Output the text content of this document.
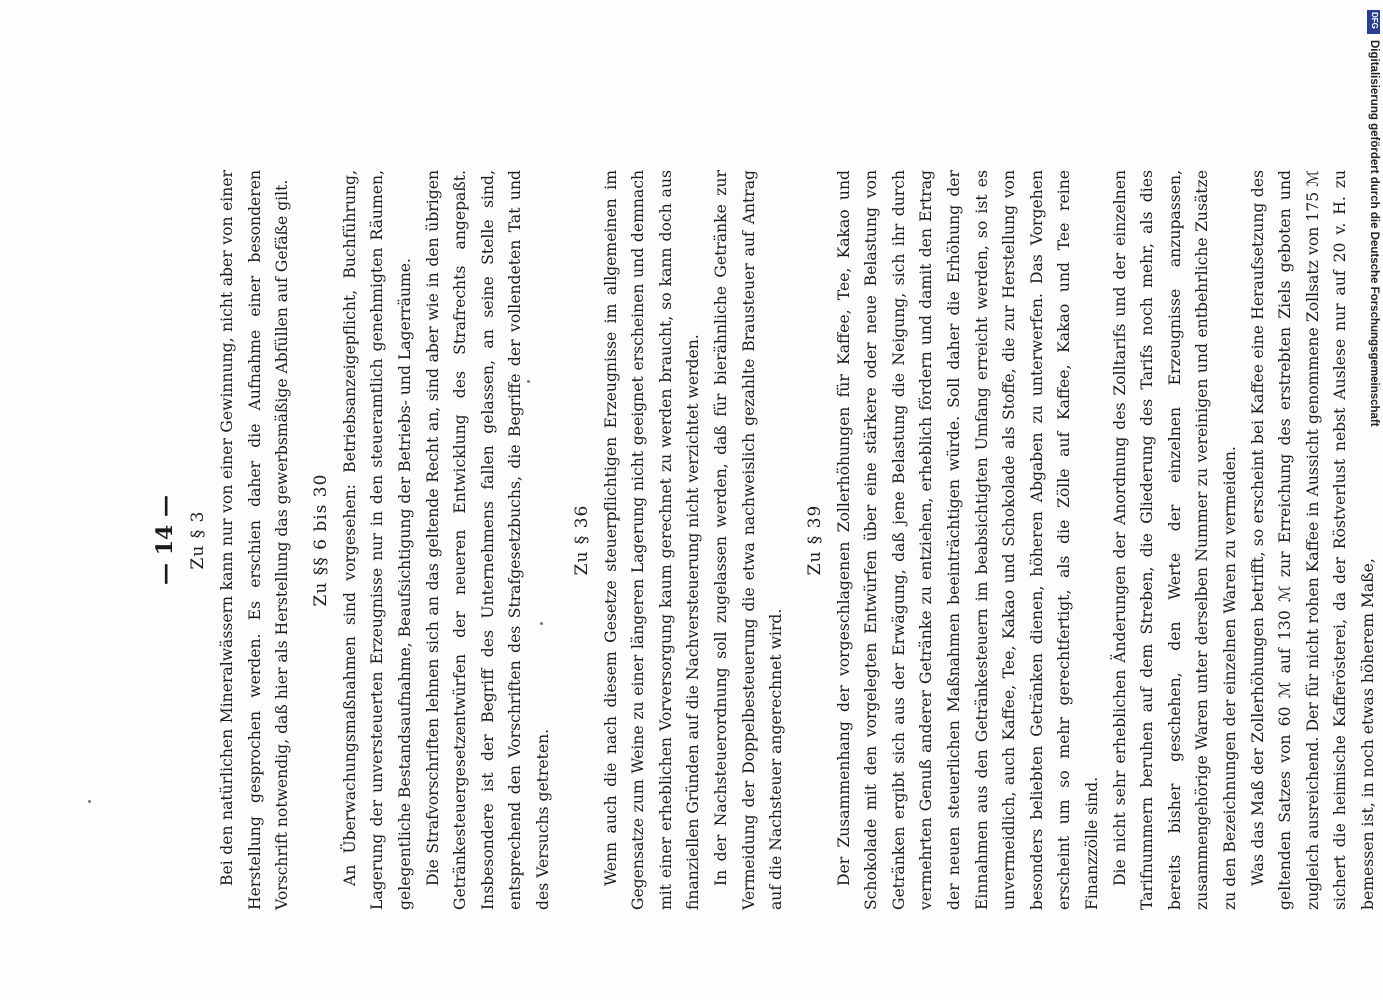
— 14 — Zu § 3 Bei den natürlichen Mineralwässern kann nur von einer Gewinnung, nicht aber von einer Herstellung gesprochen werden. Es erschien daher die Aufnahme einer besonderen Vorschrift notwendig, daß hier als Herstellung das gewerbsmäßige Abfüllen auf Gefäße gilt.	Zu §§ 6 bis 30 An Überwachungsmaßnahmen sind vorgesehen: Betriebsanzeigepflicht, Buchführung, Lagerung der unversteuerten Erzeugnisse nur in den steueramtlich genehmigten Räumen, gelegentliche Bestandsaufnahme, Beaufsichtigung der Betriebs- und Lagerräume. Die Strafvorschriften lehnen sich an das geltende Recht an, sind aber wie in den übrigen Getränkesteuergesetzentwürfen der neueren Entwicklung des Strafrechts angepaßt. Insbesondere ist der Begriff des Unternehmens fallen gelassen, an seine Stelle sind, entsprechend den Vorschriften des Strafgesetzbuchs, die Begriffe der vollendeten Tat und des Versuchs getreten.

Zu § 36 Wenn auch die nach diesem Gesetze steuerpflichtigen Erzeugnisse im allgemeinen im Gegensatze zum Weine zu einer längeren Lagerung nicht geeignet erscheinen und demnach mit einer erheblichen Vorversorgung kaum gerechnet zu werden braucht, so kann doch aus finanziellen Gründen auf die Nachversteuerung nicht verzichtet werden. In der Nachsteuerordnung soll zugelassen werden, daß für bierähnliche Getränke zur Vermeidung der Doppelbesteuerung die etwa nachweislich gezahlte Brausteuer auf Antrag auf die Nachsteuer angerechnet wird.

Zu § 39 Der Zusammenhang der vorgeschlagenen Zollerhöhungen für Kaffee, Tee, Kakao und Schokolade mit den vorgelegten Entwürfen über eine stärkere oder neue Belastung von Getränken ergibt sich aus der Erwägung, daß jene Belastung die Neigung, sich ihr durch vermehrten Genuß anderer Getränke zu entziehen, erheblich fördern und damit den Ertrag der neuen steuerlichen Maßnahmen beeinträchtigen würde. Soll daher die Erhöhung der Einnahmen aus den Getränkesteuern im beabsichtigten Umfang erreicht werden, so ist es unvermeidlich, auch Kaffee, Tee, Kakao und Schokolade als Stoffe, die zur Herstellung von besonders beliebten Getränken dienen, höheren Abgaben zu unterwerfen. Das Vorgehen erscheint um so mehr gerechtfertigt, als die Zölle auf Kaffee, Kakao und Tee reine Finanzzölle sind. Die nicht sehr erheblichen Änderungen der Anordnung des Zolltarifs und der einzelnen Tarifnummern beruhen auf dem Streben, die Gliederung des Tarifs noch mehr, als dies bereits bisher geschehen, den Werte der einzelnen Erzeugnisse anzupassen, zusammengehörige Waren unter derselben Nummer zu vereinigen und entbehrliche Zusätze zu den Bezeichnungen der einzelnen Waren zu vermeiden. Was das Maß der Zollerhöhungen betrifft, so erscheint bei Kaffee eine Heraufsetzung des geltenden Satzes von 60 ℳ auf 130 ℳ zur Erreichung des erstrebten Ziels geboten und zugleich ausreichend. Der für nicht rohen Kaffee in Aussicht genommene Zollsatz von 175 ℳ sichert die heimische Kafferösterei, da der Röstverlust nebst Auslese nur auf 20 v. H. zu bemessen ist, in noch etwas höherem Maße,

DFG
Digitalisierung gefördert durch die Deutsche Forschungsgemeinschaft
